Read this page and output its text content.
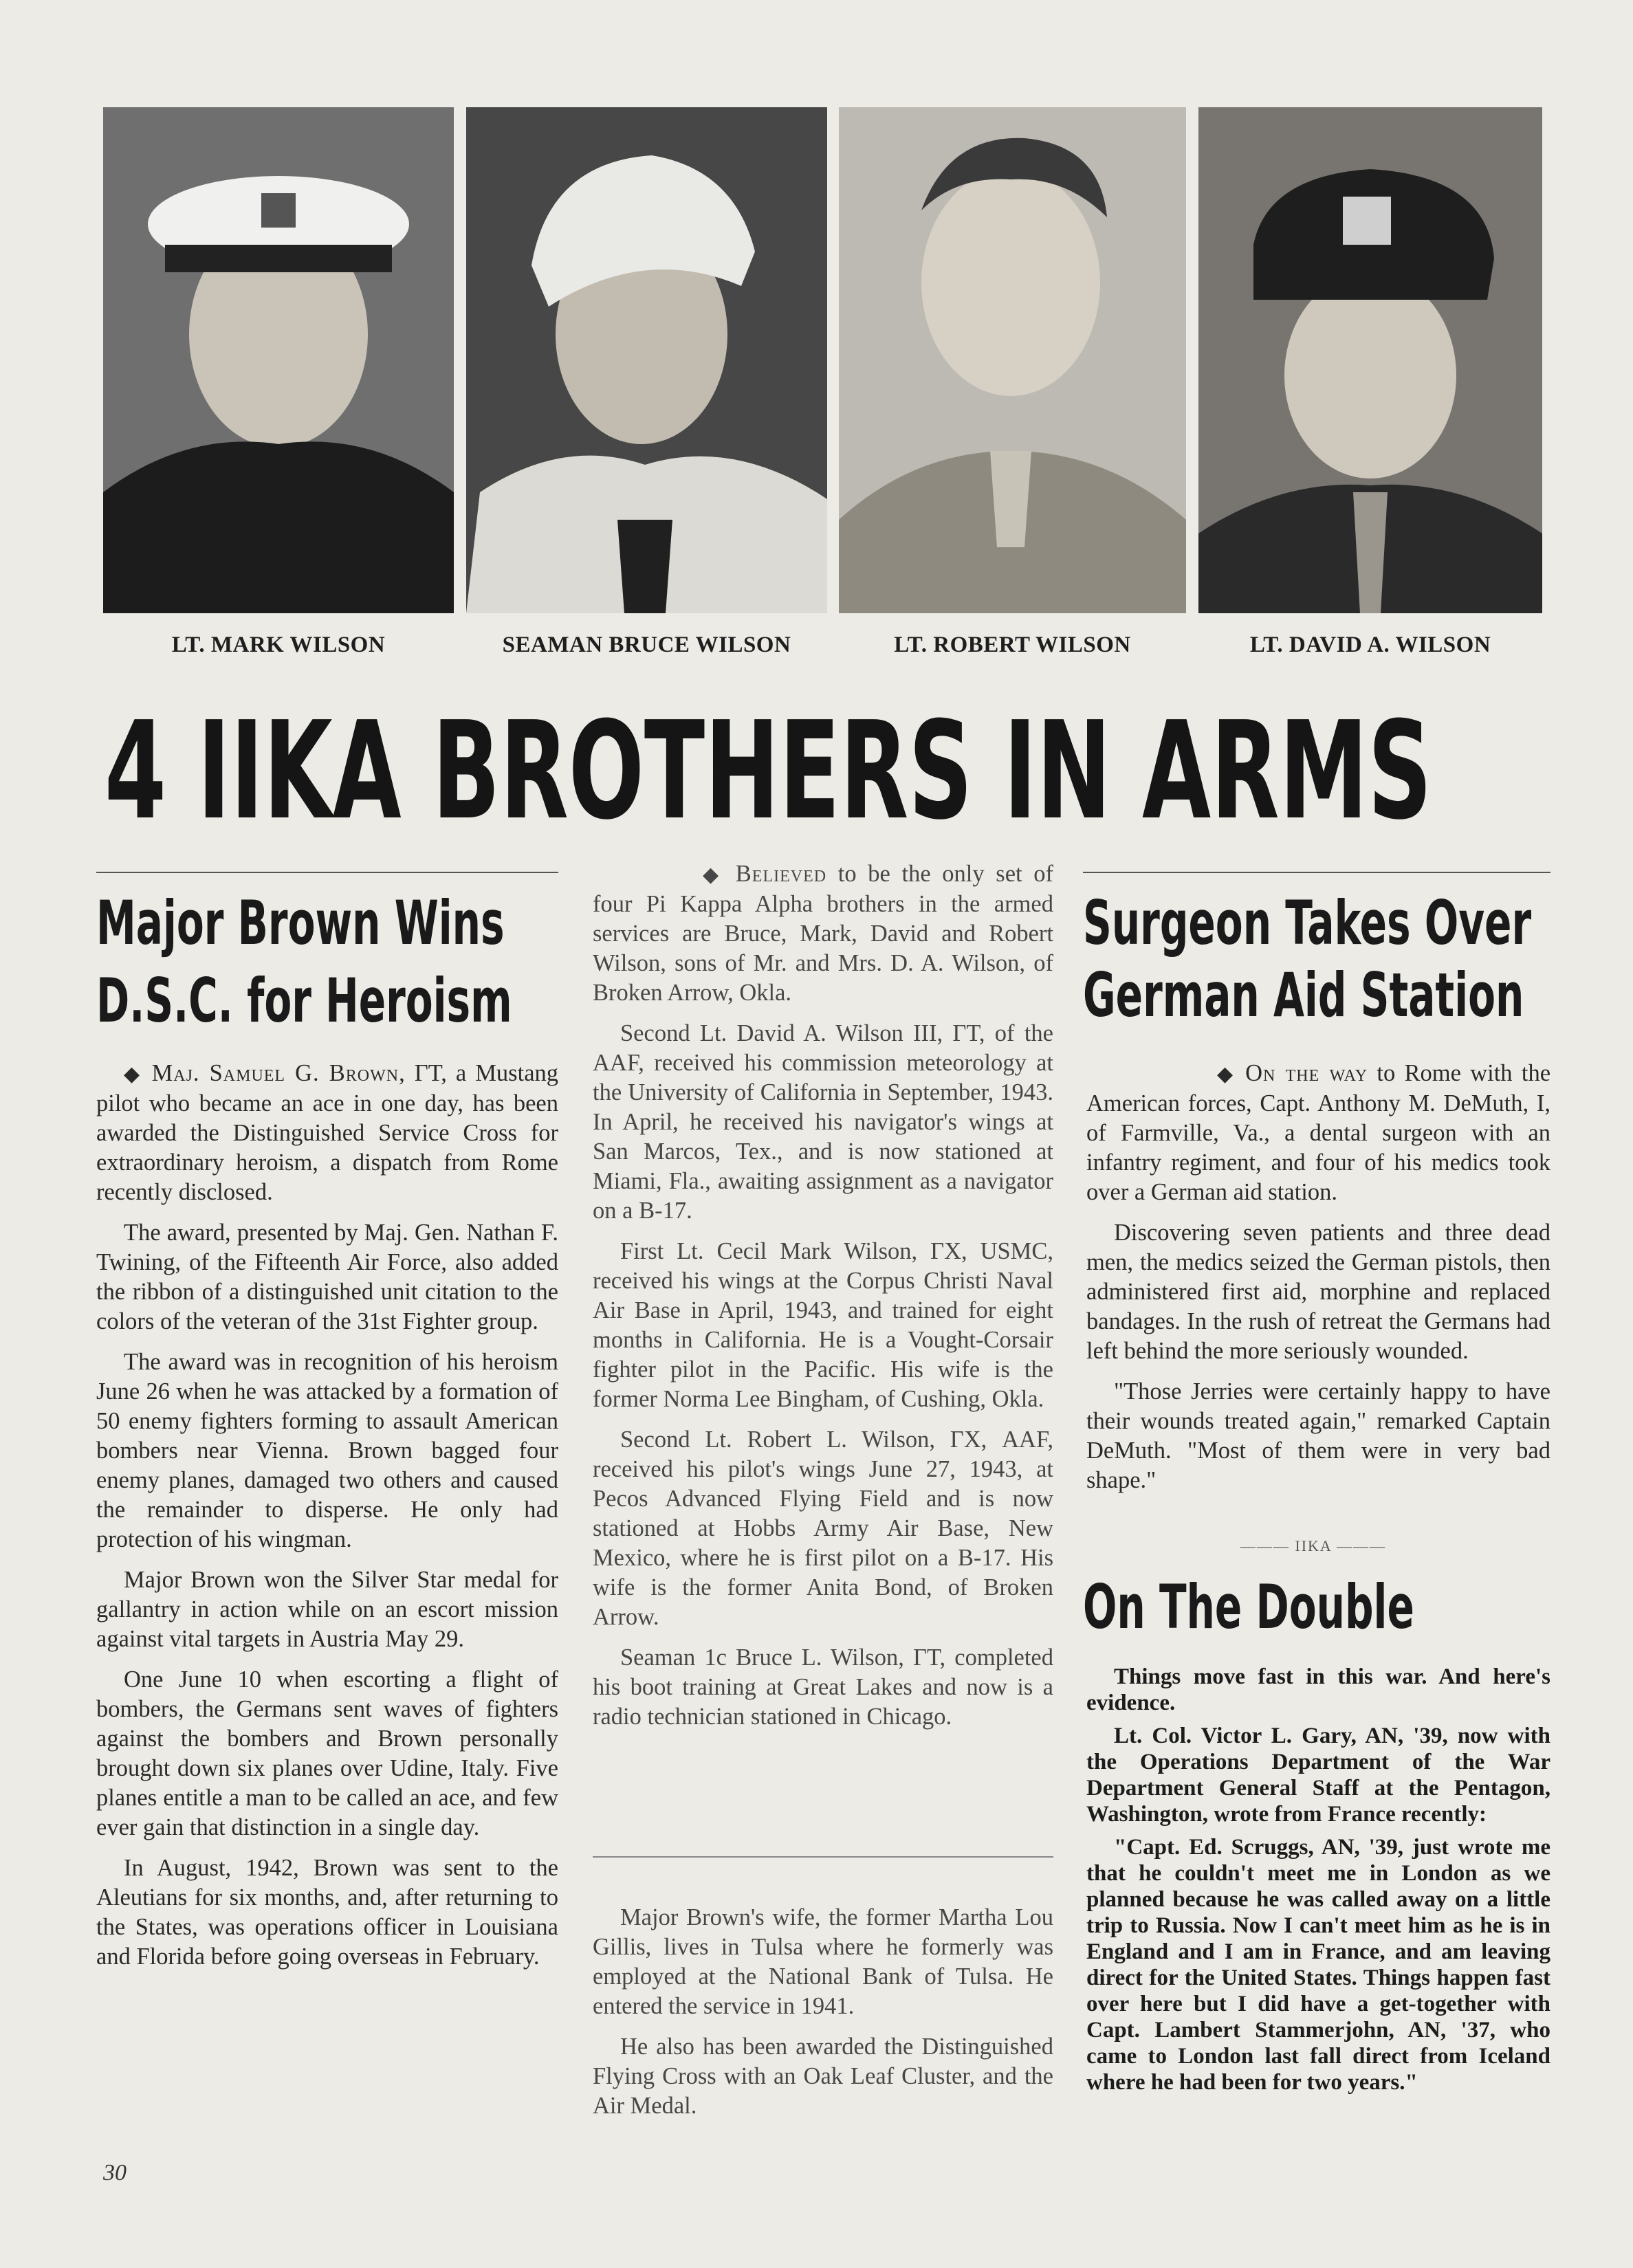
LT. MARK WILSON	SEAMAN BRUCE WILSON	LT. ROBERT WILSON	LT. DAVID A. WILSON
4 IIKA BROTHERS IN ARMS
Major Brown Wins
D.S.C. for Heroism

◆ Maj. Samuel G. Brown, ΓΤ, a Mustang pilot who became an ace in one day, has been awarded the Distinguished Service Cross for extraordinary heroism, a dispatch from Rome recently disclosed.

The award, presented by Maj. Gen. Nathan F. Twining, of the Fifteenth Air Force, also added the ribbon of a distinguished unit citation to the colors of the veteran of the 31st Fighter group.

The award was in recognition of his heroism June 26 when he was attacked by a formation of 50 enemy fighters forming to assault American bombers near Vienna. Brown bagged four enemy planes, damaged two others and caused the remainder to disperse. He only had protection of his wingman.

Major Brown won the Silver Star medal for gallantry in action while on an escort mission against vital targets in Austria May 29.

One June 10 when escorting a flight of bombers, the Germans sent waves of fighters against the bombers and Brown personally brought down six planes over Udine, Italy. Five planes entitle a man to be called an ace, and few ever gain that distinction in a single day.

In August, 1942, Brown was sent to the Aleutians for six months, and, after returning to the States, was operations officer in Louisiana and Florida before going overseas in February.

◆ Believed to be the only set of four Pi Kappa Alpha brothers in the armed services are Bruce, Mark, David and Robert Wilson, sons of Mr. and Mrs. D. A. Wilson, of Broken Arrow, Okla.

Second Lt. David A. Wilson III, ΓΤ, of the AAF, received his commission meteorology at the University of California in September, 1943. In April, he received his navigator's wings at San Marcos, Tex., and is now stationed at Miami, Fla., awaiting assignment as a navigator on a B-17.

First Lt. Cecil Mark Wilson, ΓΧ, USMC, received his wings at the Corpus Christi Naval Air Base in April, 1943, and trained for eight months in California. He is a Vought-Corsair fighter pilot in the Pacific. His wife is the former Norma Lee Bingham, of Cushing, Okla.

Second Lt. Robert L. Wilson, ΓΧ, AAF, received his pilot's wings June 27, 1943, at Pecos Advanced Flying Field and is now stationed at Hobbs Army Air Base, New Mexico, where he is first pilot on a B-17. His wife is the former Anita Bond, of Broken Arrow.

Seaman 1c Bruce L. Wilson, ΓΤ, completed his boot training at Great Lakes and now is a radio technician stationed in Chicago.

Major Brown's wife, the former Martha Lou Gillis, lives in Tulsa where he formerly was employed at the National Bank of Tulsa. He entered the service in 1941.

He also has been awarded the Distinguished Flying Cross with an Oak Leaf Cluster, and the Air Medal.

Surgeon Takes Over
German Aid Station

◆ On the way to Rome with the American forces, Capt. Anthony M. DeMuth, I, of Farmville, Va., a dental surgeon with an infantry regiment, and four of his medics took over a German aid station.

Discovering seven patients and three dead men, the medics seized the German pistols, then administered first aid, morphine and replaced bandages. In the rush of retreat the Germans had left behind the more seriously wounded.

"Those Jerries were certainly happy to have their wounds treated again," remarked Captain DeMuth. "Most of them were in very bad shape."

——— IIKA ———
On The Double

Things move fast in this war. And here's evidence.

Lt. Col. Victor L. Gary, AN, '39, now with the Operations Department of the War Department General Staff at the Pentagon, Washington, wrote from France recently:

"Capt. Ed. Scruggs, AN, '39, just wrote me that he couldn't meet me in London as we planned because he was called away on a little trip to Russia. Now I can't meet him as he is in England and I am in France, and am leaving direct for the United States. Things happen fast over here but I did have a get-together with Capt. Lambert Stammerjohn, AN, '37, who came to London last fall direct from Iceland where he had been for two years."

30
